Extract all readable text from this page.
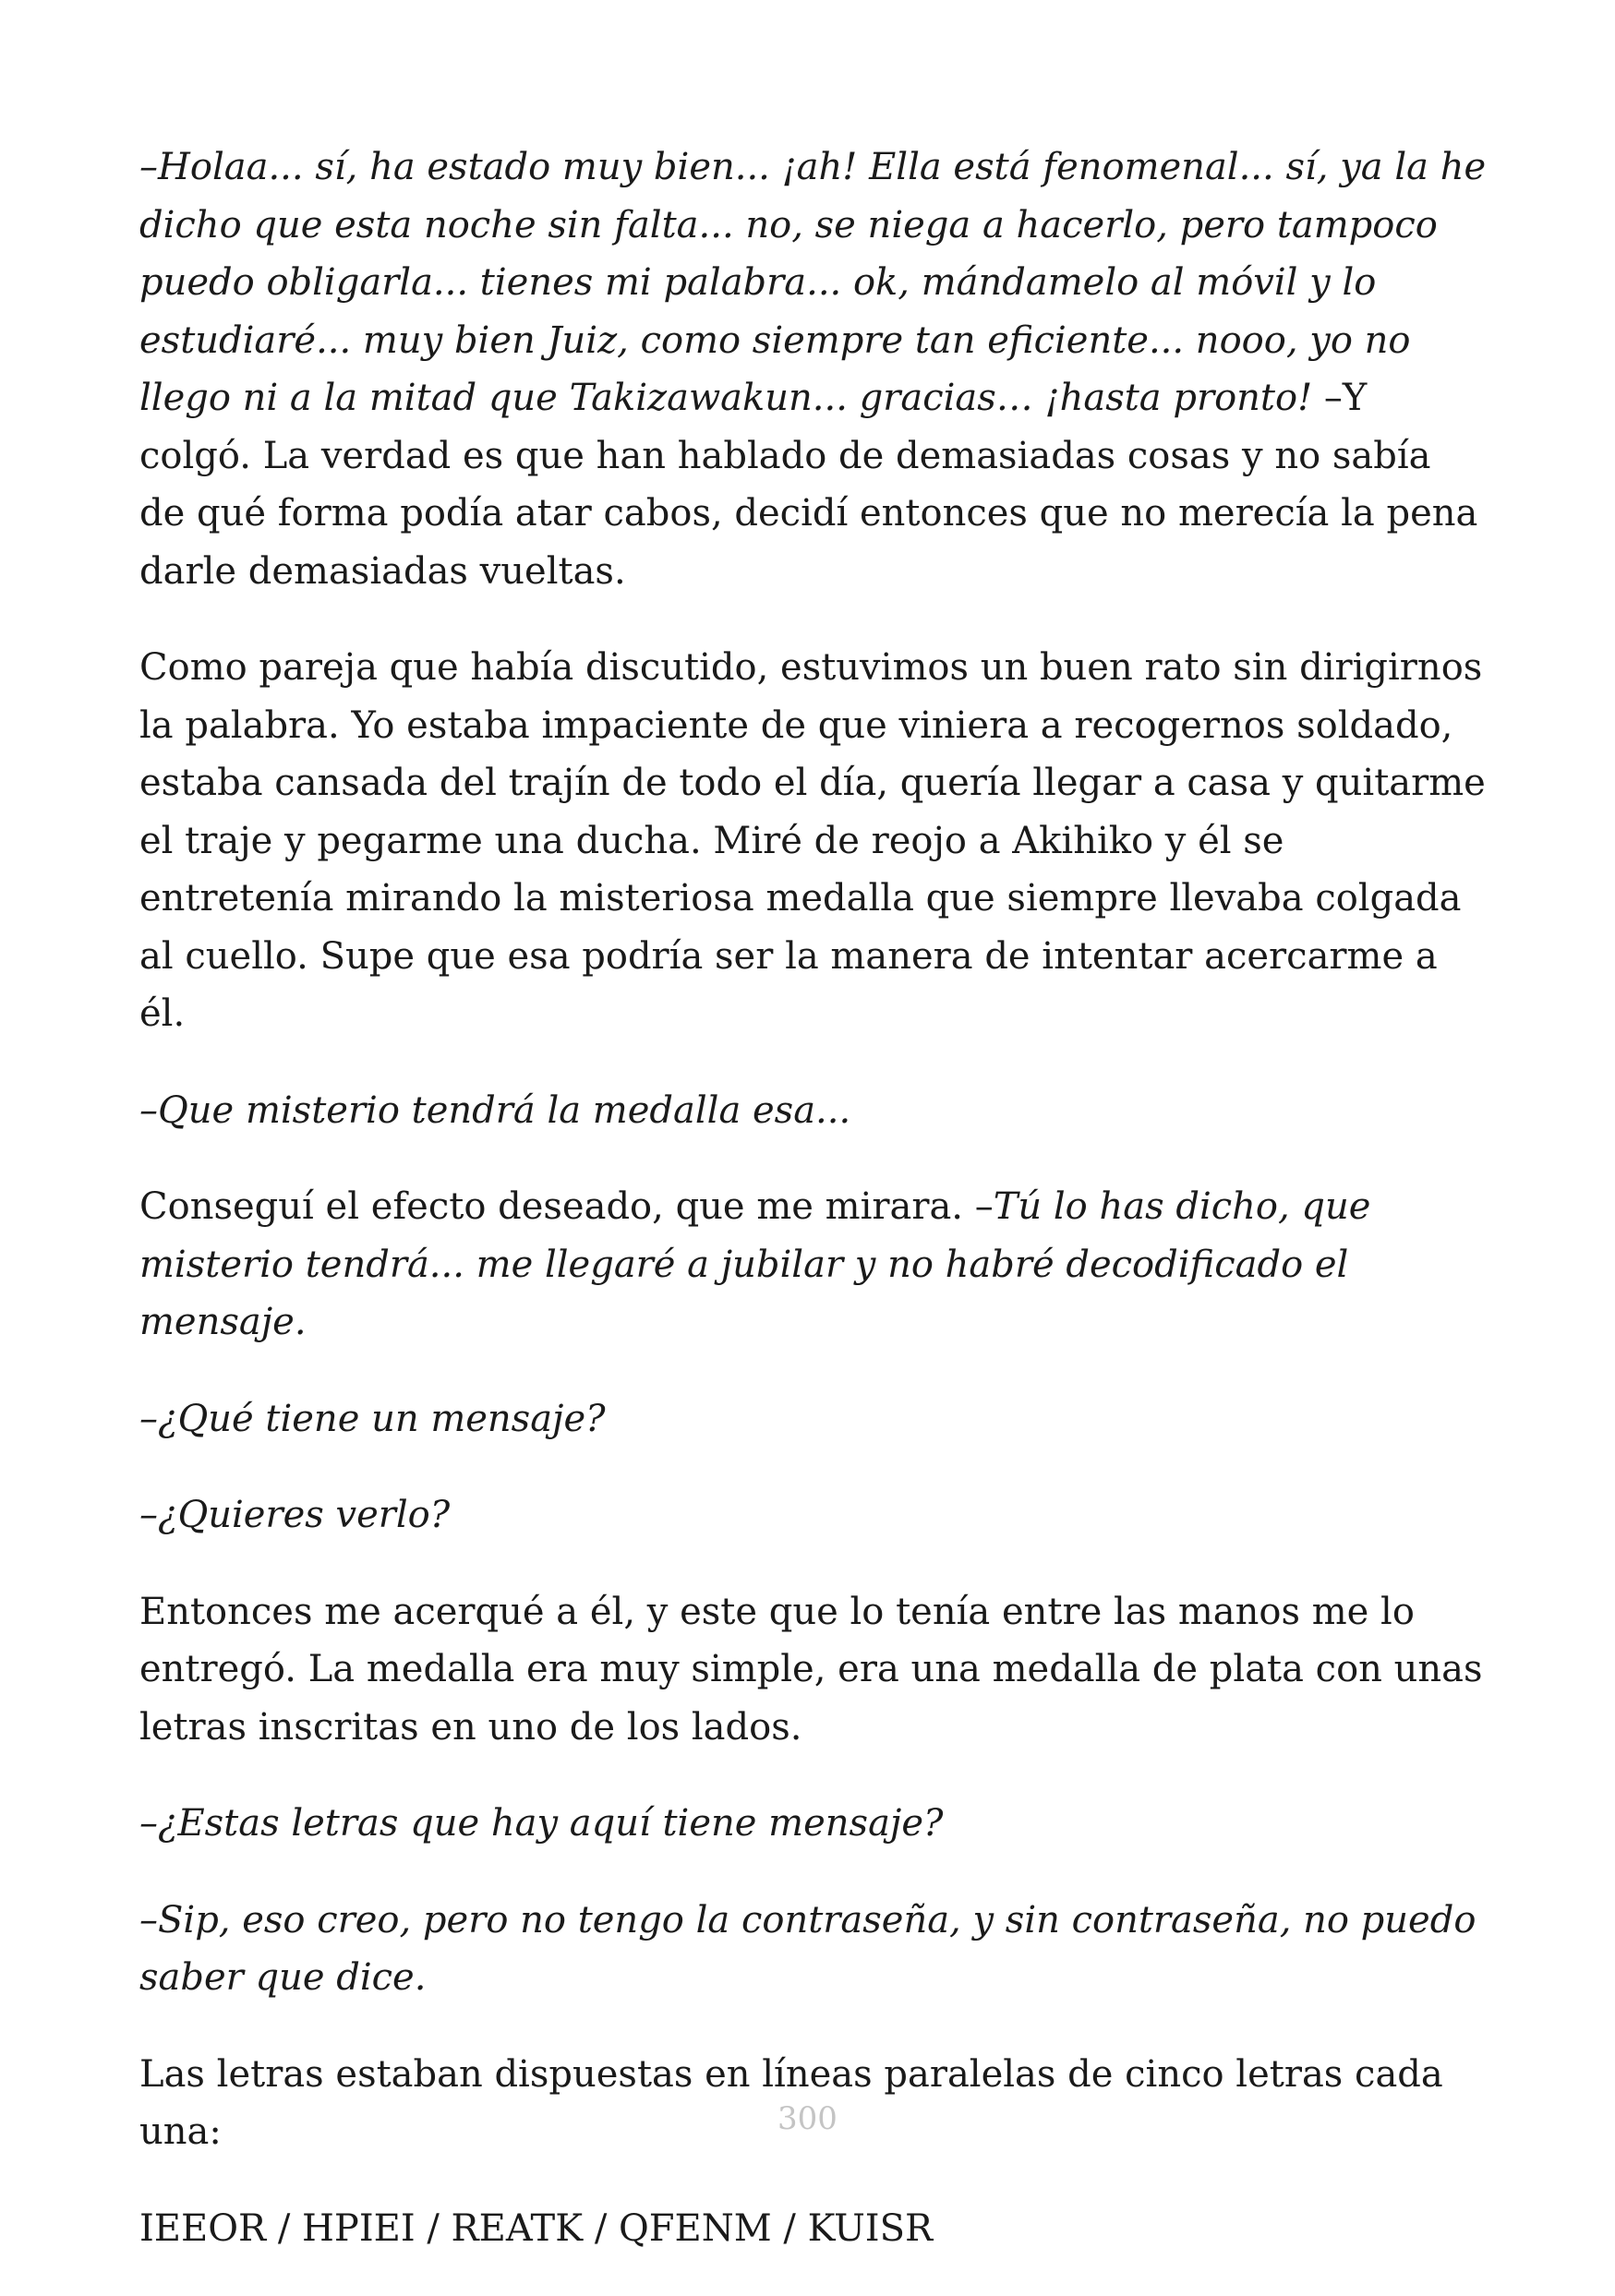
–Holaa... sí, ha estado muy bien... ¡ah! Ella está fenomenal... sí, ya la he dicho que esta noche sin falta... no, se niega a hacerlo, pero tampoco puedo obligarla... tienes mi palabra... ok, mándamelo al móvil y lo estudiaré... muy bien Juiz, como siempre tan eficiente... nooo, yo no llego ni a la mitad que Takizawakun... gracias… ¡hasta pronto! –Y colgó. La verdad es que han hablado de demasiadas cosas y no sabía de qué forma podía atar cabos, decidí entonces que no merecía la pena darle demasiadas vueltas.

Como pareja que había discutido, estuvimos un buen rato sin dirigirnos la palabra. Yo estaba impaciente de que viniera a recogernos soldado, estaba cansada del trajín de todo el día, quería llegar a casa y quitarme el traje y pegarme una ducha. Miré de reojo a Akihiko y él se entretenía mirando la misteriosa medalla que siempre llevaba colgada al cuello. Supe que esa podría ser la manera de intentar acercarme a él.

–Que misterio tendrá la medalla esa...

Conseguí el efecto deseado, que me mirara. –Tú lo has dicho, que misterio tendrá... me llegaré a jubilar y no habré decodificado el mensaje.

–¿Qué tiene un mensaje?

–¿Quieres verlo?

Entonces me acerqué a él, y este que lo tenía entre las manos me lo entregó. La medalla era muy simple, era una medalla de plata con unas letras inscritas en uno de los lados.

–¿Estas letras que hay aquí tiene mensaje?

–Sip, eso creo, pero no tengo la contraseña, y sin contraseña, no puedo saber que dice.

Las letras estaban dispuestas en líneas paralelas de cinco letras cada una:

IEEOR / HPIEI / REATK / QFENM / KUISR

300
